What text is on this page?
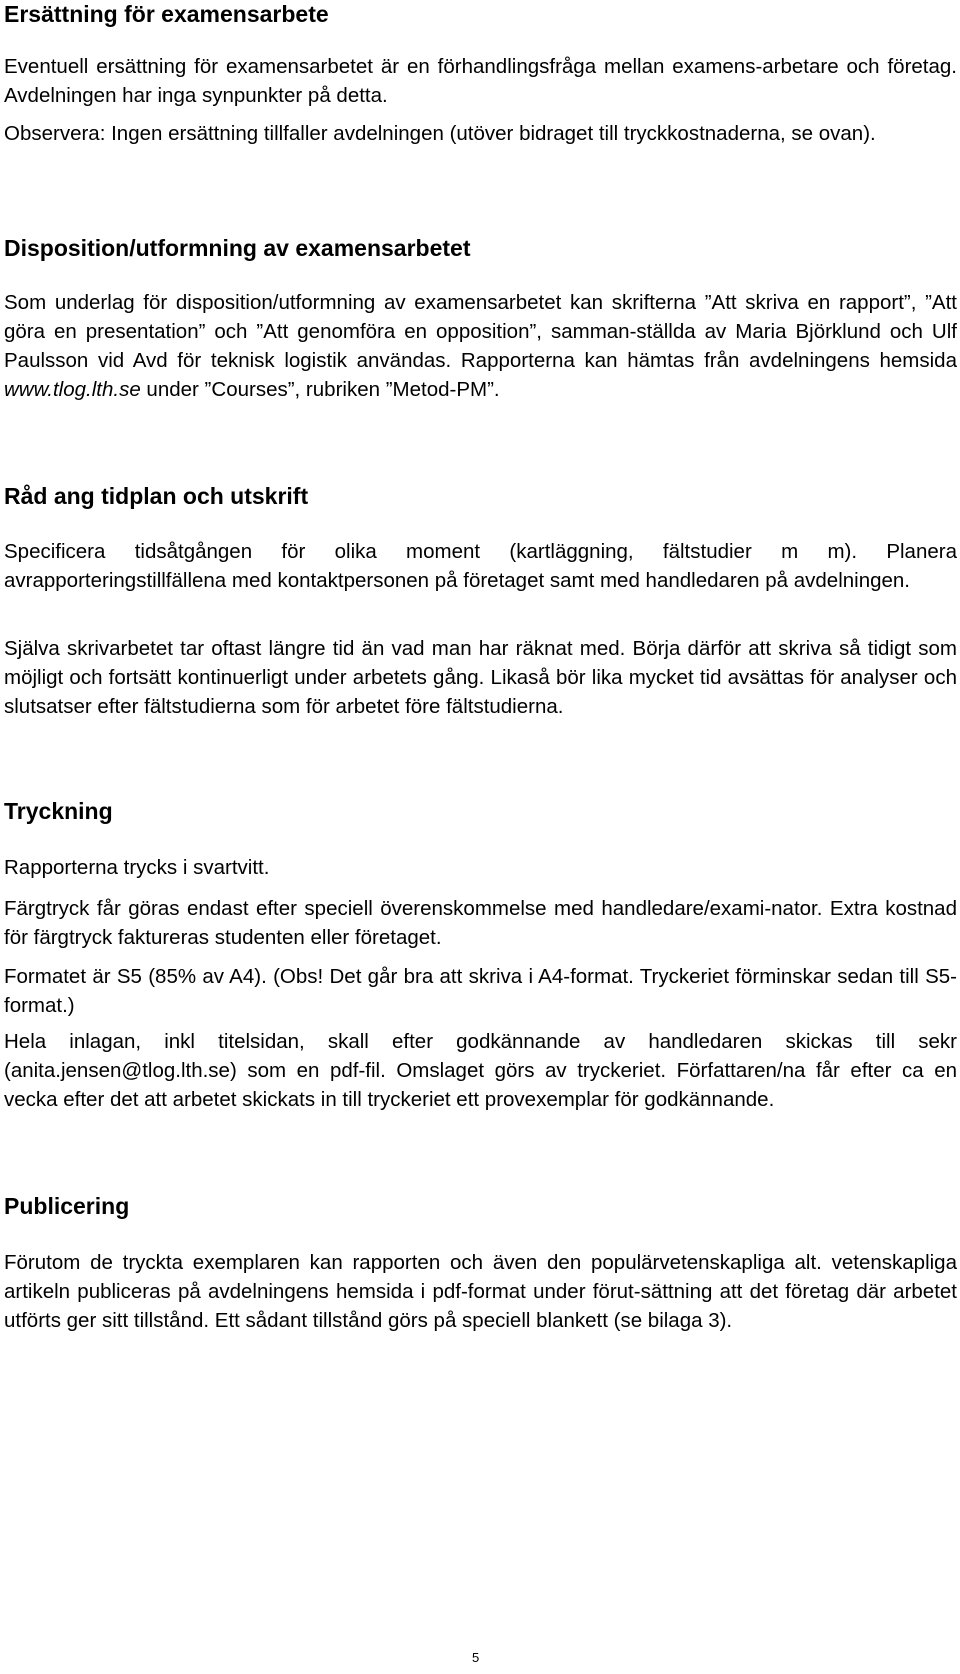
Ersättning för examensarbete

Eventuell ersättning för examensarbetet är en förhandlingsfråga mellan examens-arbetare och företag. Avdelningen har inga synpunkter på detta.

Observera: Ingen ersättning tillfaller avdelningen (utöver bidraget till tryckkostnaderna, se ovan).

Disposition/utformning av examensarbetet

Som underlag för disposition/utformning av examensarbetet kan skrifterna ”Att skriva en rapport”, ”Att göra en presentation” och ”Att genomföra en opposition”, samman-ställda av Maria Björklund och Ulf Paulsson vid Avd för teknisk logistik användas. Rapporterna kan hämtas från avdelningens hemsida www.tlog.lth.se under ”Courses”, rubriken ”Metod-PM”.

Råd ang tidplan och utskrift

Specificera tidsåtgången för olika moment (kartläggning, fältstudier m m). Planera avrapporteringstillfällena med kontaktpersonen på företaget samt med handledaren på avdelningen.

Själva skrivarbetet tar oftast längre tid än vad man har räknat med. Börja därför att skriva så tidigt som möjligt och fortsätt kontinuerligt under arbetets gång. Likaså bör lika mycket tid avsättas för analyser och slutsatser efter fältstudierna som för arbetet före fältstudierna.

Tryckning

Rapporterna trycks i svartvitt.

Färgtryck får göras endast efter speciell överenskommelse med handledare/exami-nator. Extra kostnad för färgtryck faktureras studenten eller företaget.

Formatet är S5 (85% av A4). (Obs! Det går bra att skriva i A4-format. Tryckeriet förminskar sedan till S5-format.)

Hela inlagan, inkl titelsidan, skall efter godkännande av handledaren skickas till sekr (anita.jensen@tlog.lth.se) som en pdf-fil. Omslaget görs av tryckeriet. Författaren/na får efter ca en vecka efter det att arbetet skickats in till tryckeriet ett provexemplar för godkännande.

Publicering

Förutom de tryckta exemplaren kan rapporten och även den populärvetenskapliga alt. vetenskapliga artikeln publiceras på avdelningens hemsida i pdf-format under förut-sättning att det företag där arbetet utförts ger sitt tillstånd. Ett sådant tillstånd görs på speciell blankett (se bilaga 3).

5
